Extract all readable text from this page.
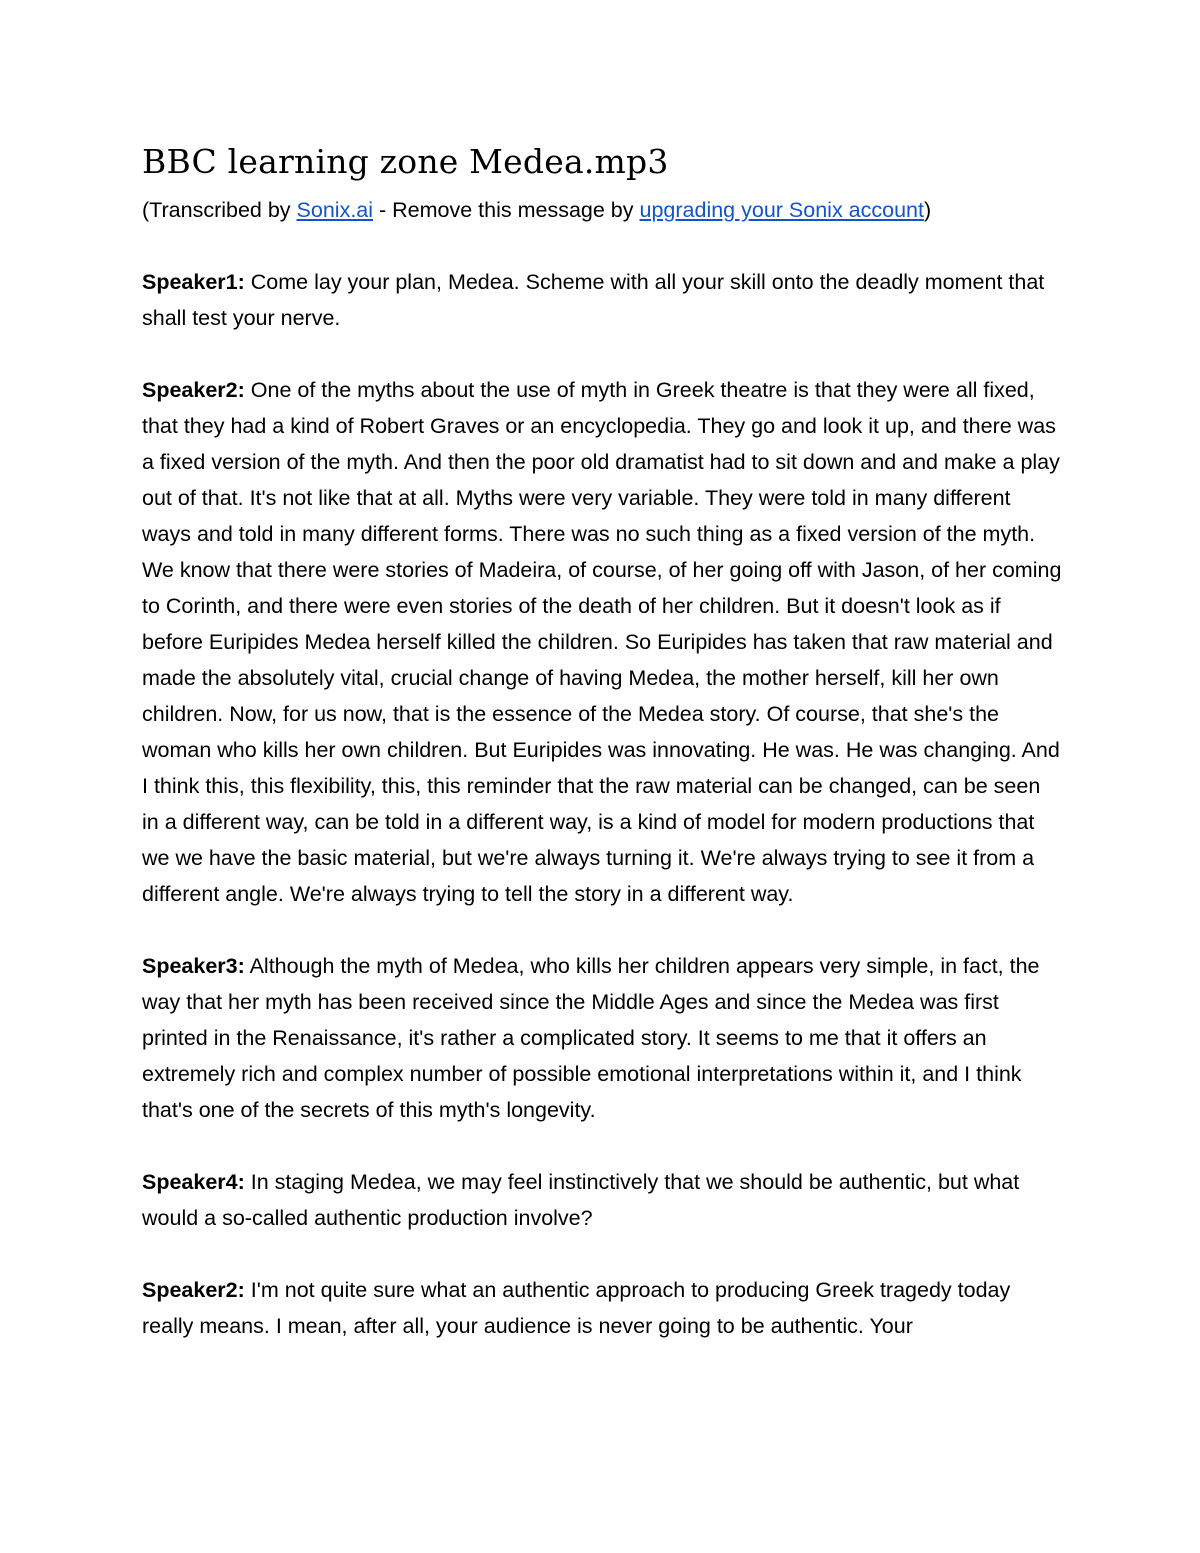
BBC learning zone Medea.mp3

(Transcribed by Sonix.ai - Remove this message by upgrading your Sonix account)

Speaker1: Come lay your plan, Medea. Scheme with all your skill onto the deadly moment that shall test your nerve.

Speaker2: One of the myths about the use of myth in Greek theatre is that they were all fixed, that they had a kind of Robert Graves or an encyclopedia. They go and look it up, and there was a fixed version of the myth. And then the poor old dramatist had to sit down and and make a play out of that. It's not like that at all. Myths were very variable. They were told in many different ways and told in many different forms. There was no such thing as a fixed version of the myth. We know that there were stories of Madeira, of course, of her going off with Jason, of her coming to Corinth, and there were even stories of the death of her children. But it doesn't look as if before Euripides Medea herself killed the children. So Euripides has taken that raw material and made the absolutely vital, crucial change of having Medea, the mother herself, kill her own children. Now, for us now, that is the essence of the Medea story. Of course, that she's the woman who kills her own children. But Euripides was innovating. He was. He was changing. And I think this, this flexibility, this, this reminder that the raw material can be changed, can be seen in a different way, can be told in a different way, is a kind of model for modern productions that we we have the basic material, but we're always turning it. We're always trying to see it from a different angle. We're always trying to tell the story in a different way.

Speaker3: Although the myth of Medea, who kills her children appears very simple, in fact, the way that her myth has been received since the Middle Ages and since the Medea was first printed in the Renaissance, it's rather a complicated story. It seems to me that it offers an extremely rich and complex number of possible emotional interpretations within it, and I think that's one of the secrets of this myth's longevity.

Speaker4: In staging Medea, we may feel instinctively that we should be authentic, but what would a so-called authentic production involve?

Speaker2: I'm not quite sure what an authentic approach to producing Greek tragedy today really means. I mean, after all, your audience is never going to be authentic. Your
